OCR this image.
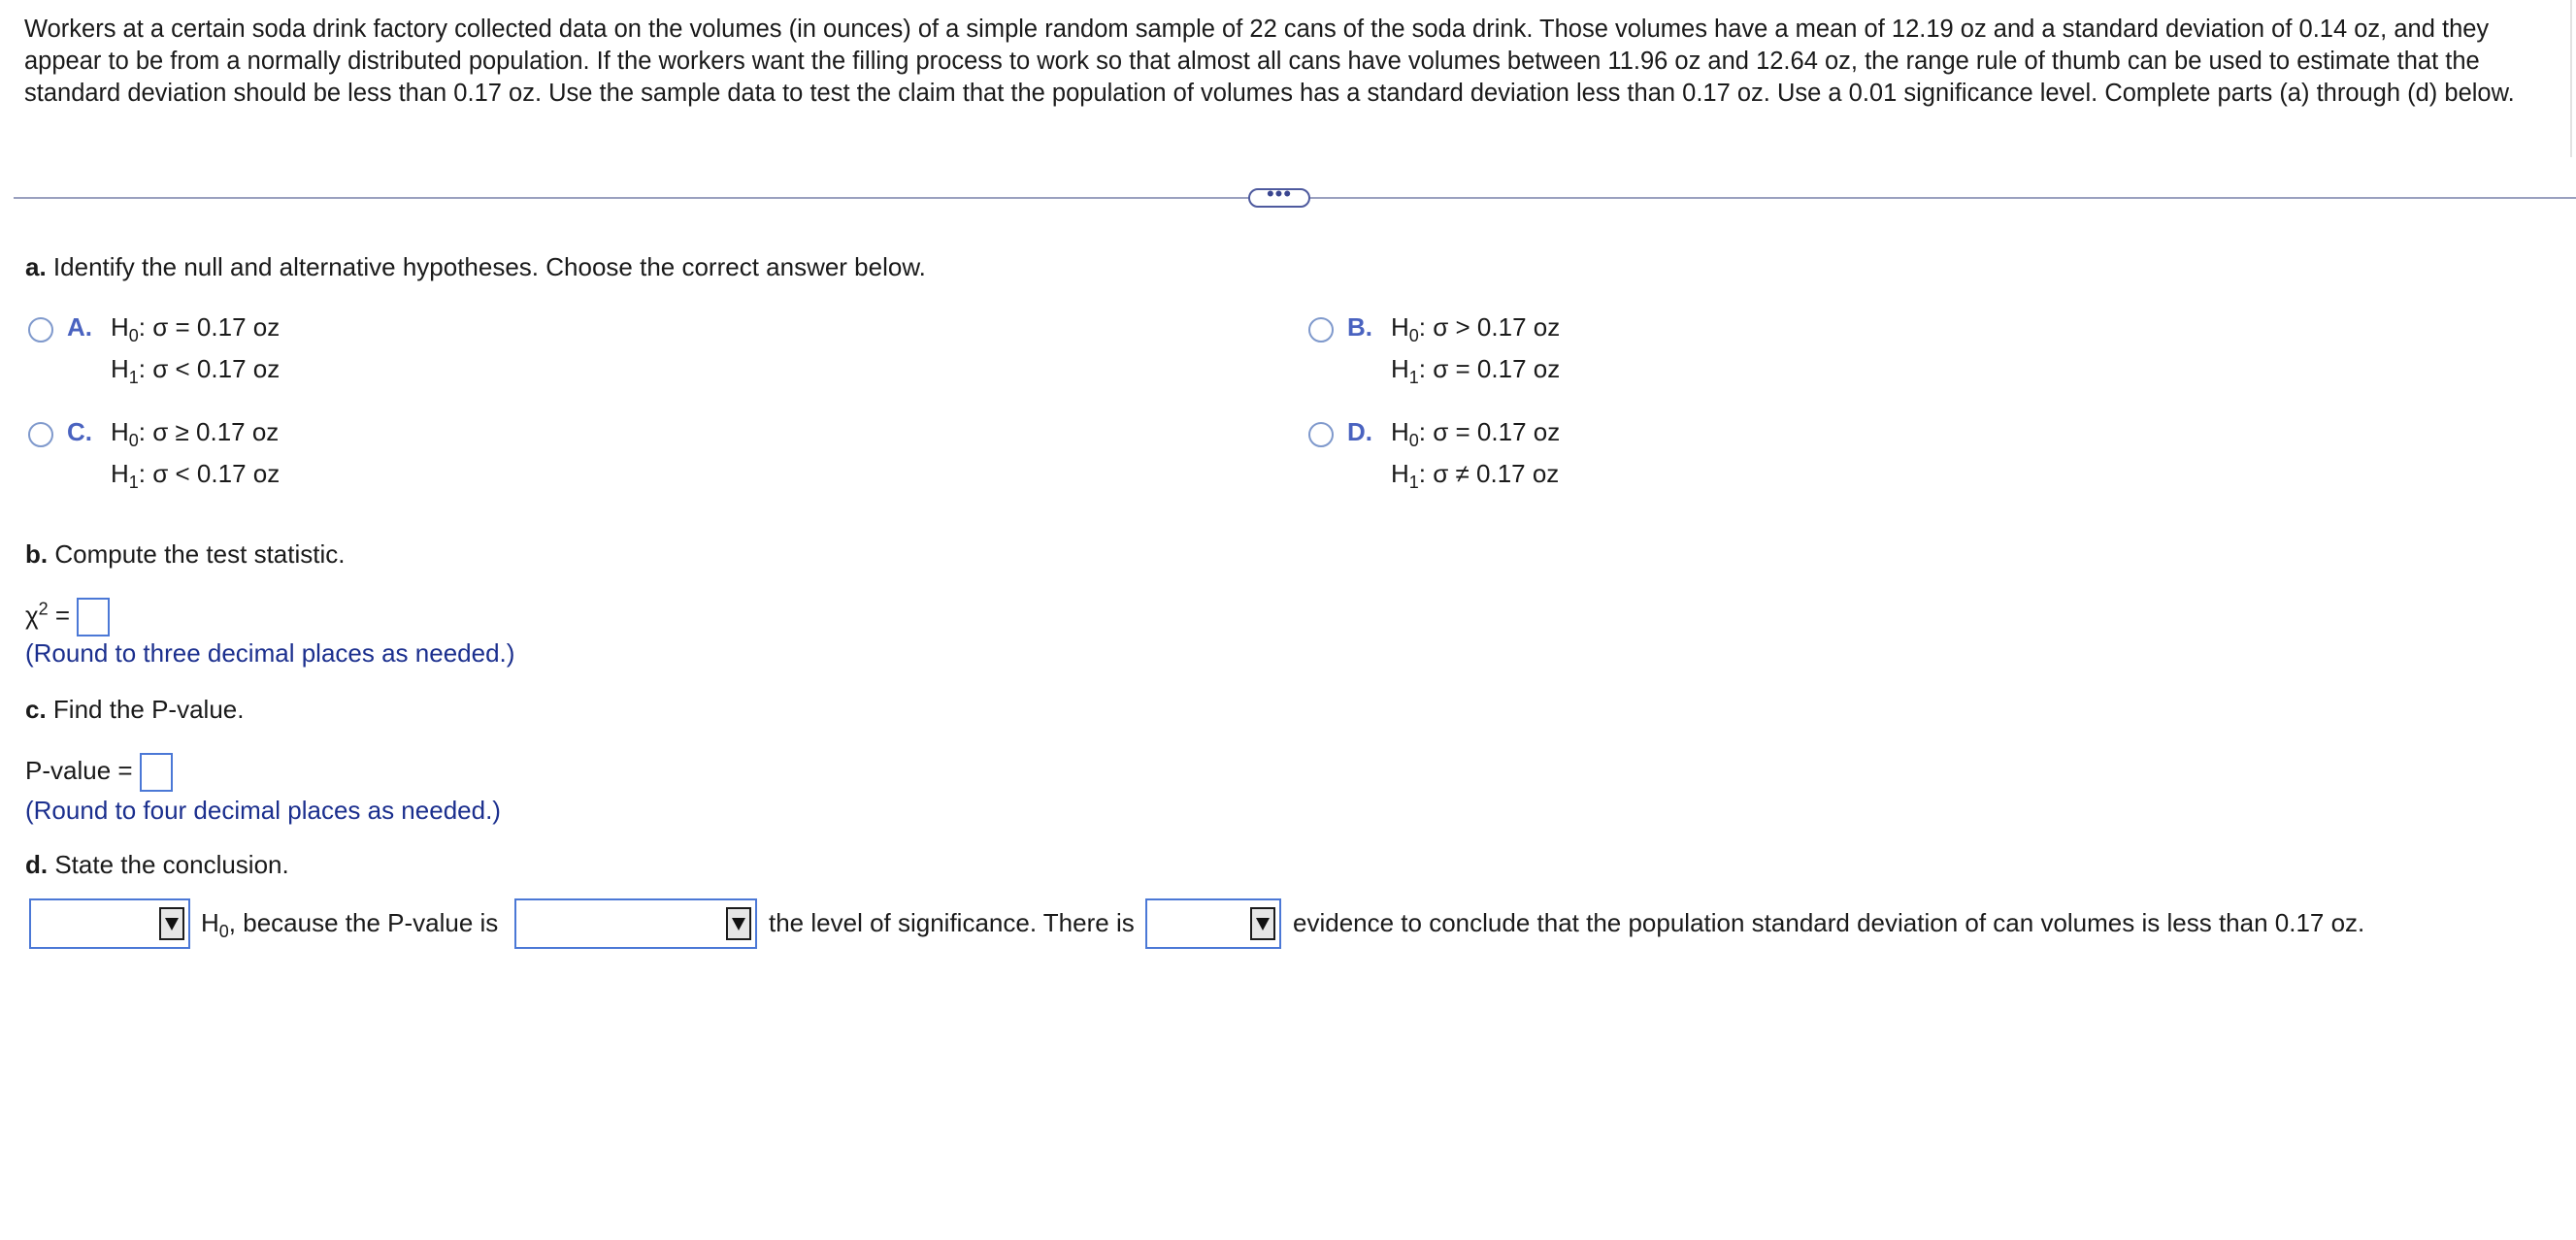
Workers at a certain soda drink factory collected data on the volumes (in ounces) of a simple random sample of 22 cans of the soda drink. Those volumes have a mean of 12.19 oz and a standard deviation of 0.14 oz, and they appear to be from a normally distributed population. If the workers want the filling process to work so that almost all cans have volumes between 11.96 oz and 12.64 oz, the range rule of thumb can be used to estimate that the standard deviation should be less than 0.17 oz. Use the sample data to test the claim that the population of volumes has a standard deviation less than 0.17 oz. Use a 0.01 significance level. Complete parts (a) through (d) below.

•••
a. Identify the null and alternative hypotheses. Choose the correct answer below.
A. $H_0$: σ = 0.17 oz
$H_1$: σ < 0.17 oz
B. $H_0$: σ > 0.17 oz
$H_1$: σ = 0.17 oz
C. $H_0$: σ ≥ 0.17 oz
$H_1$: σ < 0.17 oz
D. $H_0$: σ = 0.17 oz
$H_1$: σ ≠ 0.17 oz
b. Compute the test statistic.
$\chi^2$ =
(Round to three decimal places as needed.)
c. Find the P-value.
P-value =
(Round to four decimal places as needed.)
d. State the conclusion.
$H_0$, because the P-value is	the level of significance. There is	evidence to conclude that the population standard deviation of can volumes is less than 0.17 oz.
